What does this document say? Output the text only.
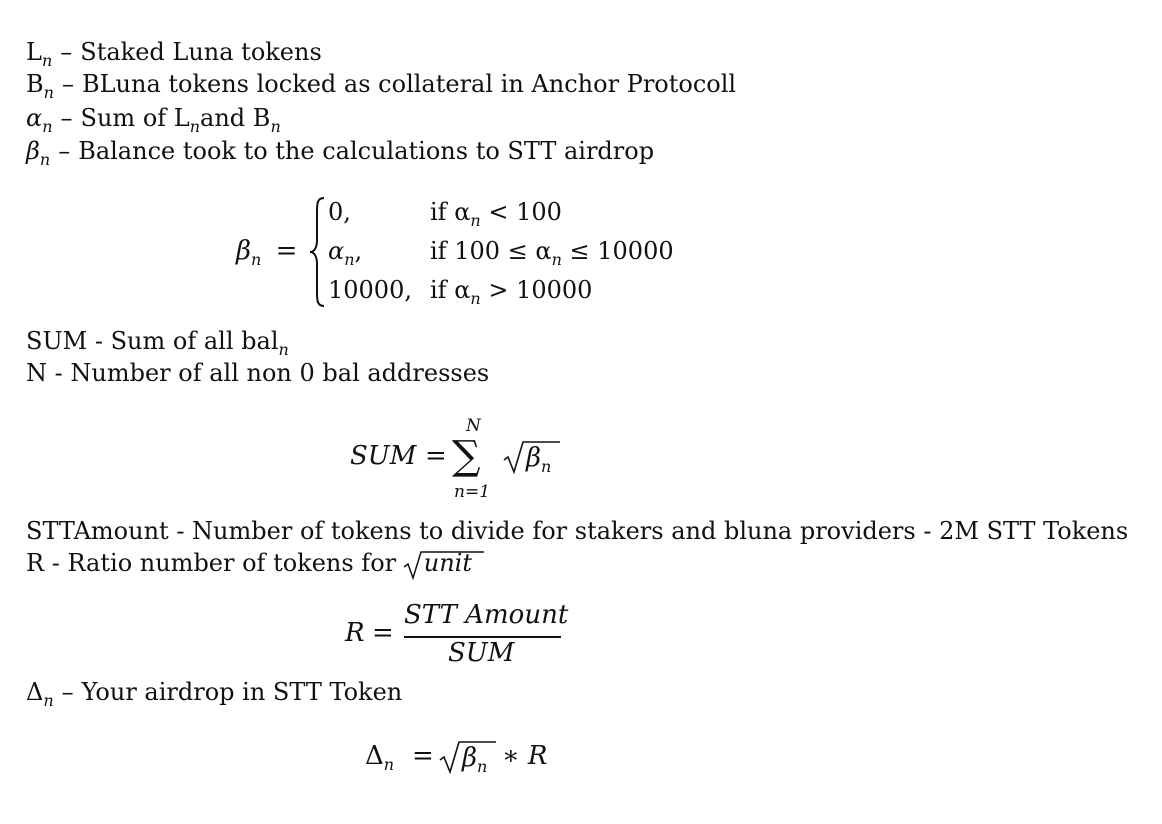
$L_n$ – Staked Luna tokens
$B_n$ – BLuna tokens locked as collateral in Anchor Protocoll
$\alpha_n$ – Sum of $L_nand$ $B_n$
$\beta_n$ – Balance took to the calculations to STT airdrop
$\beta_n$ =
0,	if $\alpha_n < 100$
$\alpha_n$,	if $100 \le \alpha_n \le 10000$
10000, if $\alpha_n > 10000$
SUM - Sum of all bal$_n$
N - Number of all non 0 bal addresses
SUM =
N
∑
n=1
$\beta_n$
STTAmount - Number of tokens to divide for stakers and bluna providers - 2M STT Tokens
R - Ratio number of tokens for
unit
R =
STT Amount
SUM
$\Delta_n$ – Your airdrop in STT Token
$\Delta_n = \beta_n$ ∗ R
